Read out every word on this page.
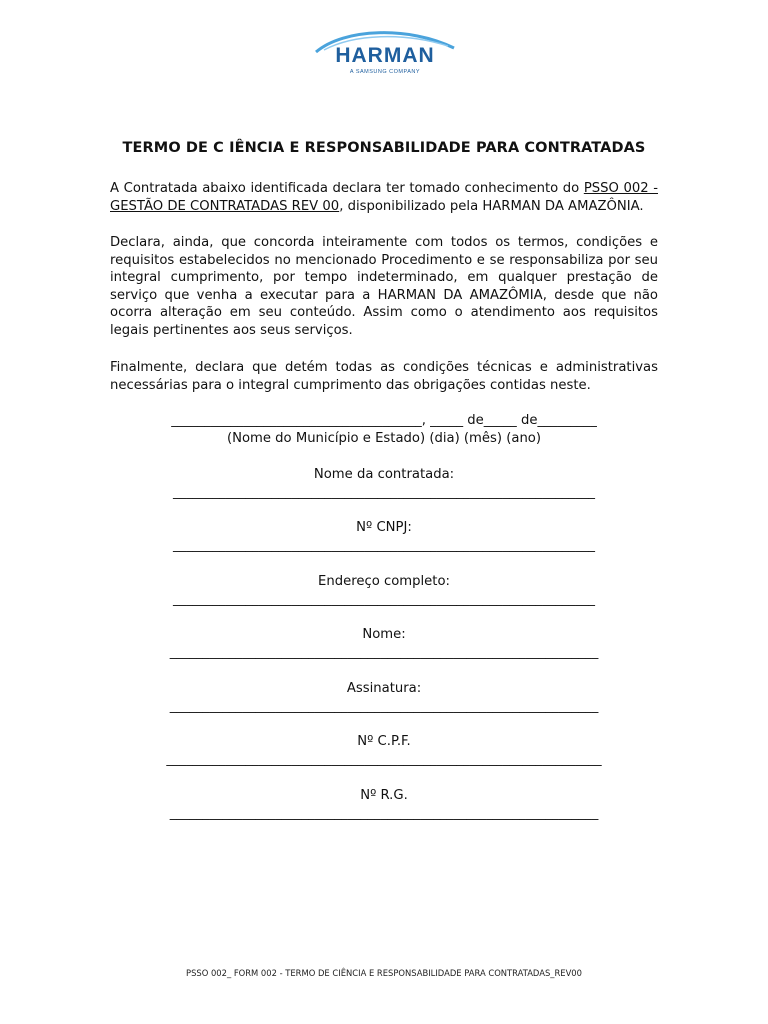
HARMAN
A SAMSUNG COMPANY
TERMO DE C IÊNCIA E RESPONSABILIDADE PARA CONTRATADAS
A Contratada abaixo identificada declara ter tomado conhecimento do PSSO 002 - GESTÃO DE CONTRATADAS REV 00, disponibilizado pela HARMAN DA AMAZÔNIA.
Declara, ainda, que concorda inteiramente com todos os termos, condições e requisitos estabelecidos no mencionado Procedimento e se responsabiliza por seu integral cumprimento, por tempo indeterminado, em qualquer prestação de serviço que venha a executar para a HARMAN DA AMAZÔMIA, desde que não ocorra alteração em seu conteúdo. Assim como o atendimento aos requisitos legais pertinentes aos seus serviços.
Finalmente, declara que detém todas as condições técnicas e administrativas necessárias para o integral cumprimento das obrigações contidas neste.
______________________________________, _____ de_____ de_________
(Nome do Município e Estado) (dia) (mês) (ano)
Nome da contratada:
________________________________________________________________
Nº CNPJ:
________________________________________________________________
Endereço completo:
________________________________________________________________
Nome:
_________________________________________________________________
Assinatura:
_________________________________________________________________
Nº C.P.F.
__________________________________________________________________
Nº R.G.
_________________________________________________________________
PSSO 002_ FORM 002 - TERMO DE CIÊNCIA E RESPONSABILIDADE PARA CONTRATADAS_REV00
